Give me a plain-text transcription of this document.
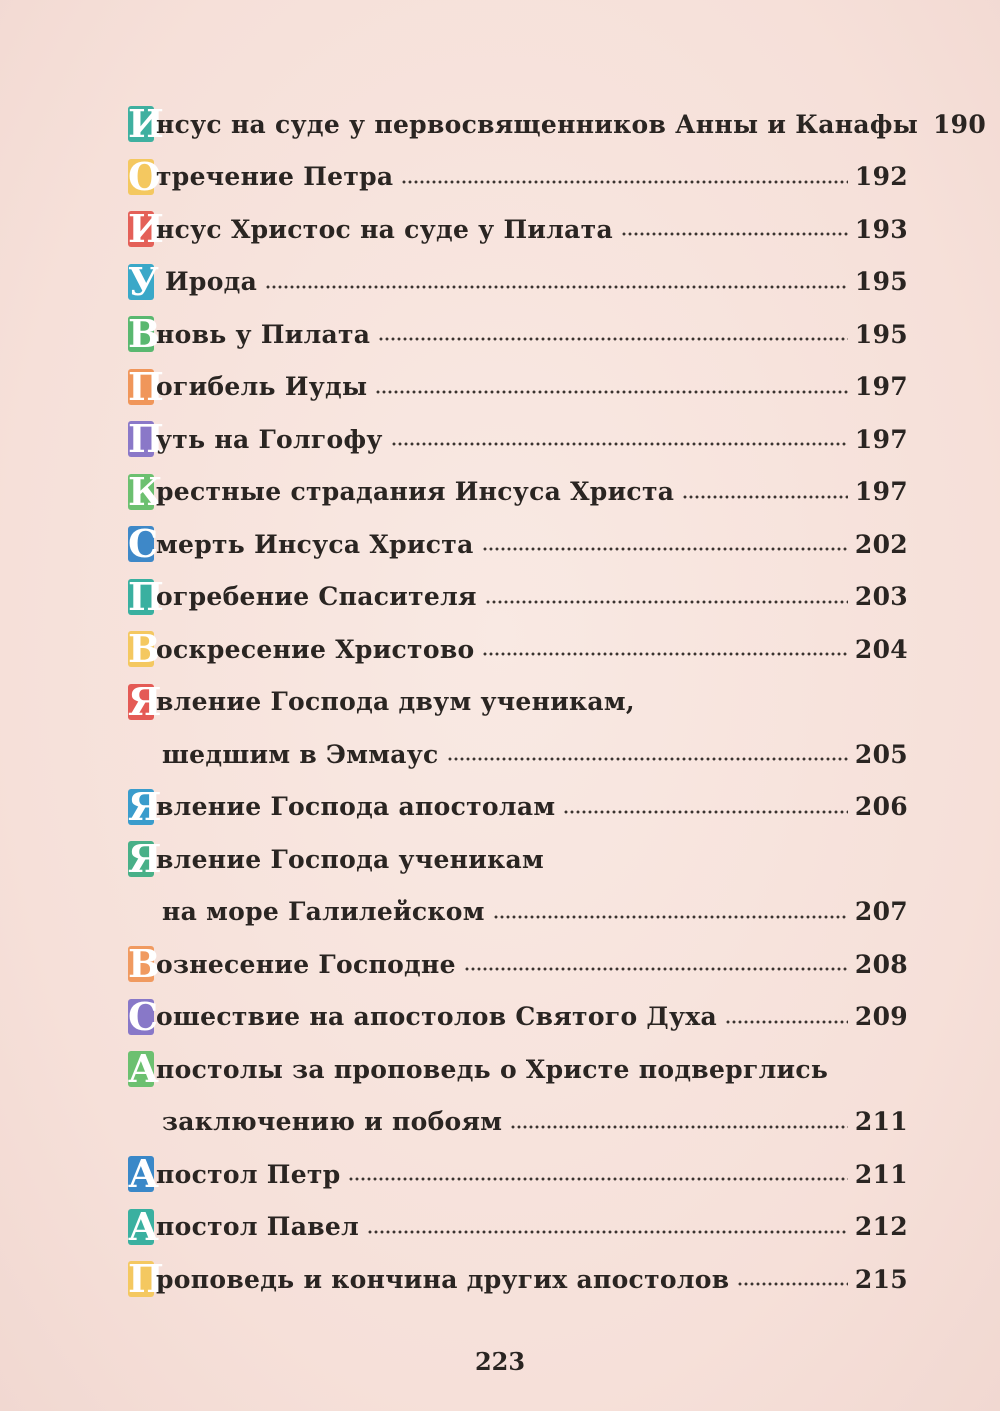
И
нсус на суде у первосвященников Анны и Канафы 190
О
тречение Петра	192
И
нсус Христос на суде у Пилата	193
У
Ирода	195
В
новь у Пилата	195
П
огибель Иуды	197
П
уть на Голгофу	197
К
рестные страдания Инсуса Христа	197
С
мерть Инсуса Христа	202
П
огребение Спасителя	203
В
оскресение Христово	204
Я
вление Господа двум ученикам,
шедшим в Эммаус	205
Я
вление Господа апостолам	206
Я
вление Господа ученикам
на море Галилейском	207
В
ознесение Господне	208
С
ошествие на апостолов Святого Духа	209
А
постолы за проповедь о Христе подверглись
заключению и побоям	211
А
постол Петр	211
А
постол Павел	212
П
роповедь и кончина других апостолов	215
223
